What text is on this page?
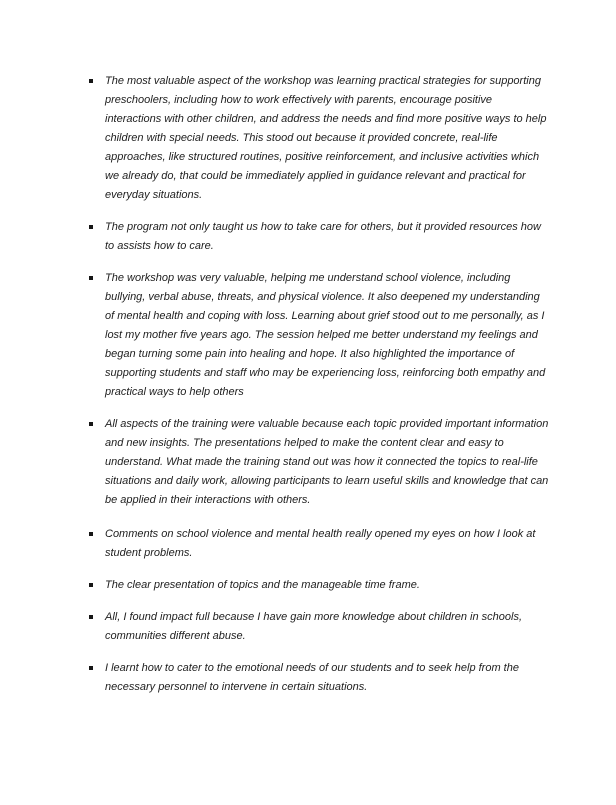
The most valuable aspect of the workshop was learning practical strategies for supporting preschoolers, including how to work effectively with parents, encourage positive interactions with other children, and address the needs and find more positive ways to help children with special needs. This stood out because it provided concrete, real-life approaches, like structured routines, positive reinforcement, and inclusive activities which we already do, that could be immediately applied in guidance relevant and practical for everyday situations.
The program not only taught us how to take care for others, but it provided resources how to assists how to care.
The workshop was very valuable, helping me understand school violence, including bullying, verbal abuse, threats, and physical violence. It also deepened my understanding of mental health and coping with loss. Learning about grief stood out to me personally, as I lost my mother five years ago. The session helped me better understand my feelings and began turning some pain into healing and hope. It also highlighted the importance of supporting students and staff who may be experiencing loss, reinforcing both empathy and practical ways to help others
All aspects of the training were valuable because each topic provided important information and new insights. The presentations helped to make the content clear and easy to understand. What made the training stand out was how it connected the topics to real-life situations and daily work, allowing participants to learn useful skills and knowledge that can be applied in their interactions with others.
Comments on school violence and mental health really opened my eyes on how I look at student problems.
The clear presentation of topics and the manageable time frame.
All, I found impact full because I have gain more knowledge about children in schools, communities different abuse.
I learnt how to cater to the emotional needs of our students and to seek help from the necessary personnel to intervene in certain situations.
